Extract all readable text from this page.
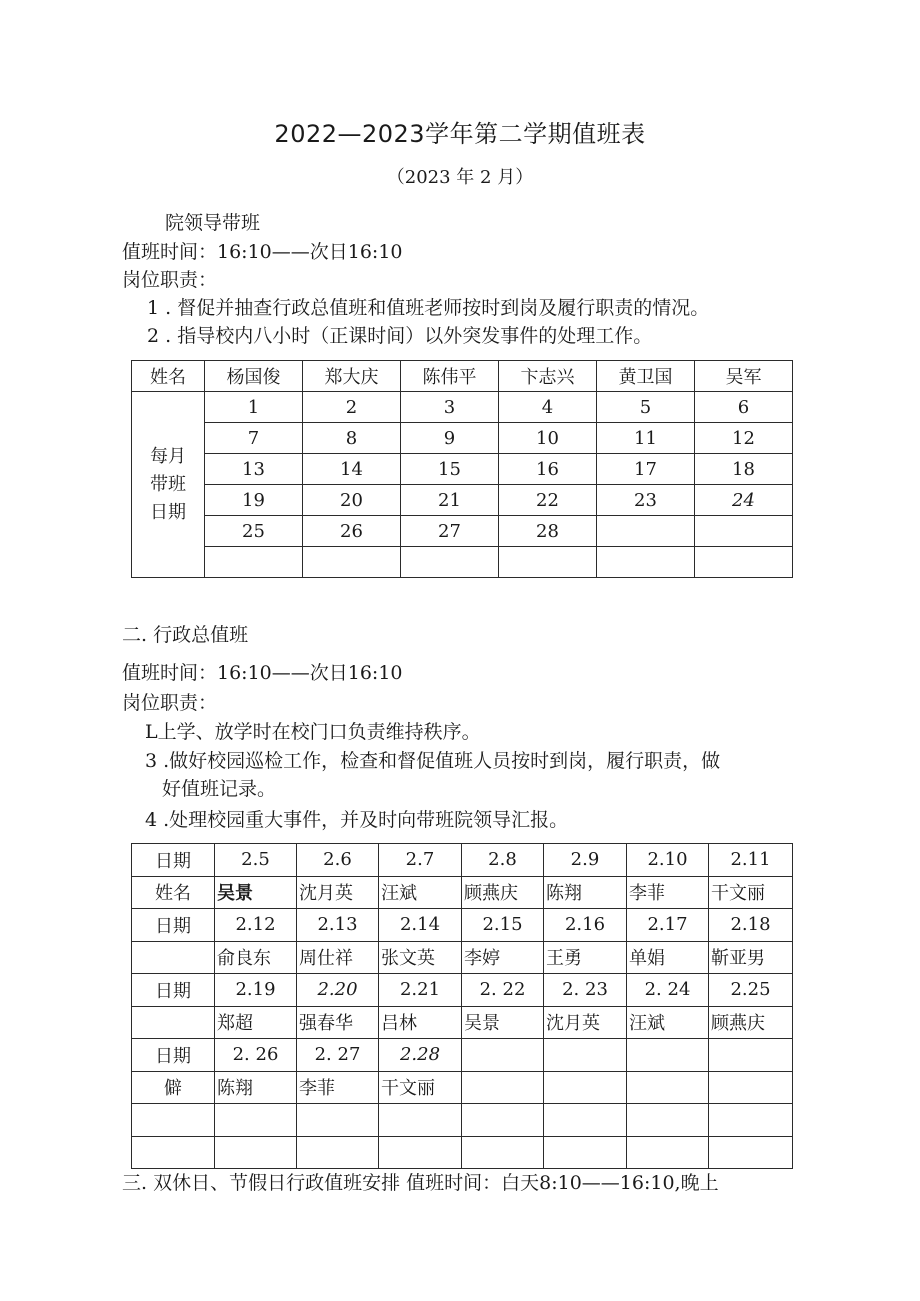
2022—2023学年第二学期值班表
（2023 年 2 月）
院领导带班
值班时间：16:10——次日16:10
岗位职责：
1 . 督促并抽查行政总值班和值班老师按时到岗及履行职责的情况。
2 . 指导校内八小时（正课时间）以外突发事件的处理工作。
姓名	杨国俊	郑大庆	陈伟平	卞志兴	黄卫国	吴军

每月
带班
日期	1	2	3	4	5	6
	7	8	9	10	11	12
	13	14	15	16	17	18
	19	20	21	22	23	24
	25	26	27	28		

二. 行政总值班
值班时间：16:10——次日16:10
岗位职责：
L上学、放学时在校门口负责维持秩序。
3 .做好校园巡检工作，检查和督促值班人员按时到岗，履行职责，做
好值班记录。
4 .处理校园重大事件，并及时向带班院领导汇报。
日期	2.5	2.6	2.7	2.8	2.9	2.10	2.11
姓名	吴景	沈月英	汪斌	顾燕庆	陈翔	李菲	干文丽
日期	2.12	2.13	2.14	2.15	2.16	2.17	2.18
	俞良东	周仕祥	张文英	李婷	王勇	单娟	靳亚男
日期	2.19	2.20	2.21	2. 22	2. 23	2. 24	2.25
	郑超	强春华	吕林	吴景	沈月英	汪斌	顾燕庆
日期	2. 26	2. 27	2.28				
僻	陈翔	李菲	干文丽				

三. 双休日、节假日行政值班安排 值班时间：白天8:10——16:10,晚上
